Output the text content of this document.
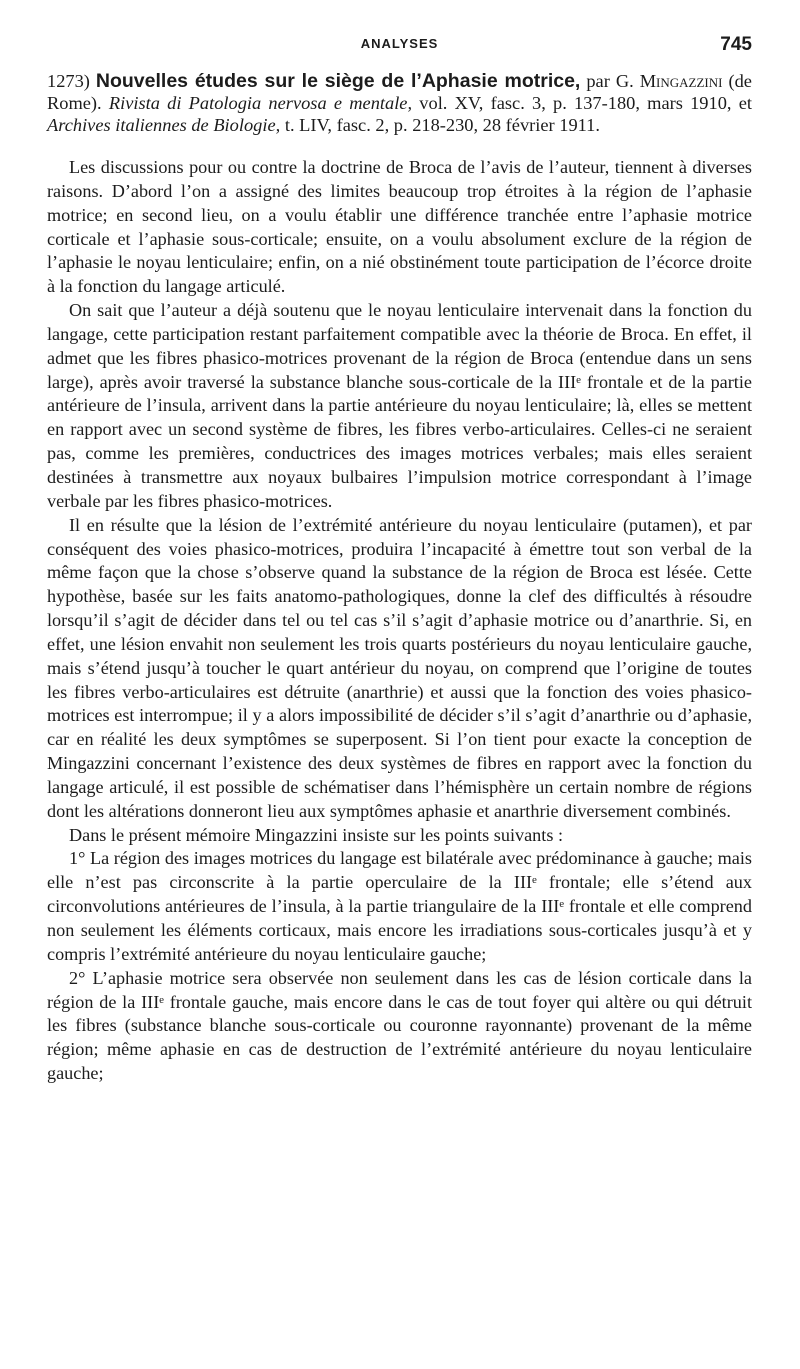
ANALYSES	745
1273) Nouvelles études sur le siège de l’Aphasie motrice, par G. Mingazzini (de Rome). Rivista di Patologia nervosa e mentale, vol. XV, fasc. 3, p. 137-180, mars 1910, et Archives italiennes de Biologie, t. LIV, fasc. 2, p. 218-230, 28 février 1911.

Les discussions pour ou contre la doctrine de Broca de l’avis de l’auteur, tiennent à diverses raisons. D’abord l’on a assigné des limites beaucoup trop étroites à la région de l’aphasie motrice; en second lieu, on a voulu établir une différence tranchée entre l’aphasie motrice corticale et l’aphasie sous-corticale; ensuite, on a voulu absolument exclure de la région de l’aphasie le noyau lenticulaire; enfin, on a nié obstinément toute participation de l’écorce droite à la fonction du langage articulé.

On sait que l’auteur a déjà soutenu que le noyau lenticulaire intervenait dans la fonction du langage, cette participation restant parfaitement compatible avec la théorie de Broca. En effet, il admet que les fibres phasico-motrices provenant de la région de Broca (entendue dans un sens large), après avoir traversé la substance blanche sous-corticale de la IIIᵉ frontale et de la partie antérieure de l’insula, arrivent dans la partie antérieure du noyau lenticulaire; là, elles se mettent en rapport avec un second système de fibres, les fibres verbo-articulaires. Celles-ci ne seraient pas, comme les premières, conductrices des images motrices verbales; mais elles seraient destinées à transmettre aux noyaux bulbaires l’impulsion motrice correspondant à l’image verbale par les fibres phasico-motrices.

Il en résulte que la lésion de l’extrémité antérieure du noyau lenticulaire (putamen), et par conséquent des voies phasico-motrices, produira l’incapacité à émettre tout son verbal de la même façon que la chose s’observe quand la substance de la région de Broca est lésée. Cette hypothèse, basée sur les faits anatomo-pathologiques, donne la clef des difficultés à résoudre lorsqu’il s’agit de décider dans tel ou tel cas s’il s’agit d’aphasie motrice ou d’anarthrie. Si, en effet, une lésion envahit non seulement les trois quarts postérieurs du noyau lenticulaire gauche, mais s’étend jusqu’à toucher le quart antérieur du noyau, on comprend que l’origine de toutes les fibres verbo-articulaires est détruite (anarthrie) et aussi que la fonction des voies phasico-motrices est interrompue; il y a alors impossibilité de décider s’il s’agit d’anarthrie ou d’aphasie, car en réalité les deux symptômes se superposent. Si l’on tient pour exacte la conception de Mingazzini concernant l’existence des deux systèmes de fibres en rapport avec la fonction du langage articulé, il est possible de schématiser dans l’hémisphère un certain nombre de régions dont les altérations donneront lieu aux symptômes aphasie et anarthrie diversement combinés.

Dans le présent mémoire Mingazzini insiste sur les points suivants :

1° La région des images motrices du langage est bilatérale avec prédominance à gauche; mais elle n’est pas circonscrite à la partie operculaire de la IIIᵉ frontale; elle s’étend aux circonvolutions antérieures de l’insula, à la partie triangulaire de la IIIᵉ frontale et elle comprend non seulement les éléments corticaux, mais encore les irradiations sous-corticales jusqu’à et y compris l’extrémité antérieure du noyau lenticulaire gauche;

2° L’aphasie motrice sera observée non seulement dans les cas de lésion corticale dans la région de la IIIᵉ frontale gauche, mais encore dans le cas de tout foyer qui altère ou qui détruit les fibres (substance blanche sous-corticale ou couronne rayonnante) provenant de la même région; même aphasie en cas de destruction de l’extrémité antérieure du noyau lenticulaire gauche;
